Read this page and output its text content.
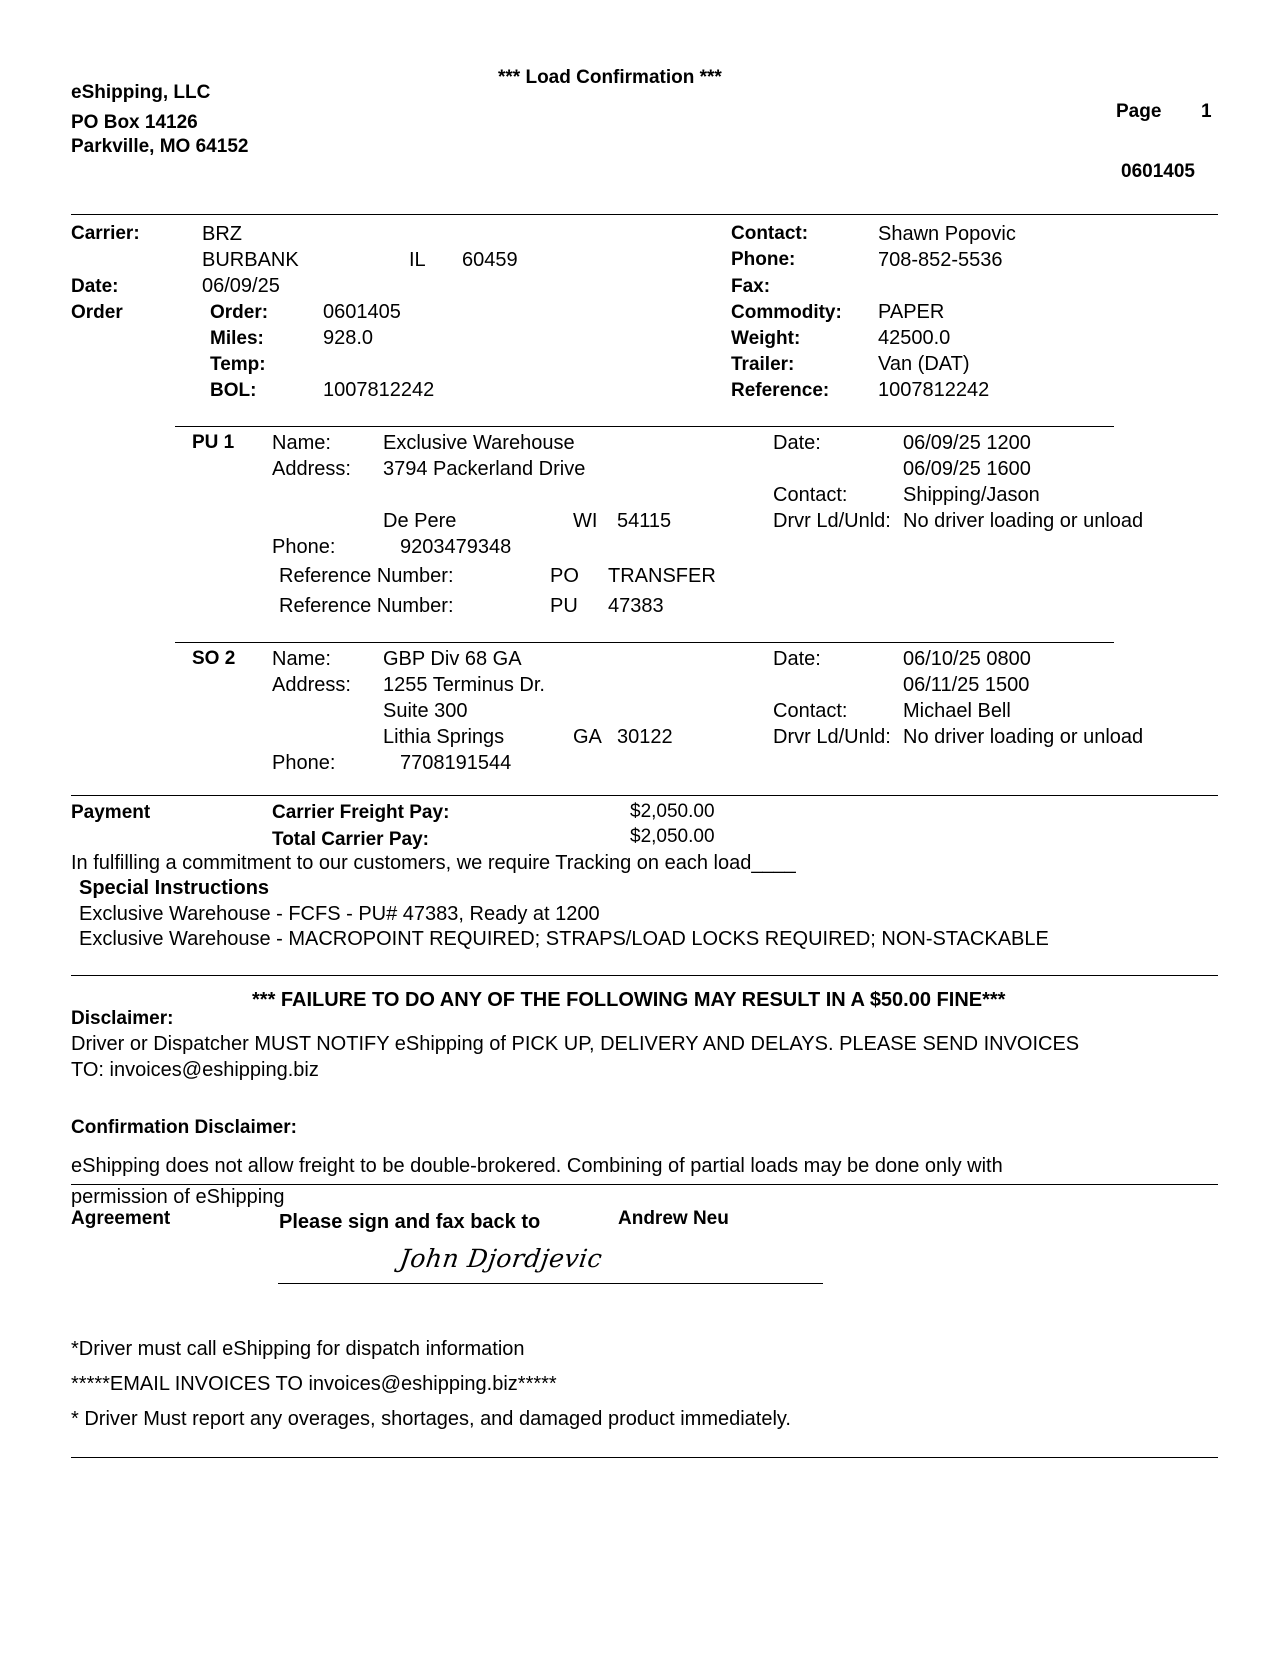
*** Load Confirmation ***
eShipping, LLC
PO Box 14126
Parkville, MO 64152
Page 1
0601405
Carrier:	BRZ
BURBANK	IL 60459
Date:	06/09/25
Order	Order:	0601405
Miles:	928.0
Temp:
BOL:	1007812242
Contact:	Shawn Popovic
Phone:	708-852-5536
Fax:
Commodity: PAPER
Weight:	42500.0
Trailer:	Van (DAT)
Reference: 1007812242
PU 1 Name:	Exclusive Warehouse
Address: 3794 Packerland Drive
De Pere	WI 54115
Phone:	9203479348
Reference Number:	PO TRANSFER
Reference Number:	PU 47383
Date:	06/09/25 1200
06/09/25 1600
Contact:	Shipping/Jason
Drvr Ld/Unld: No driver loading or unload
SO 2 Name:	GBP Div 68 GA
Address: 1255 Terminus Dr.
Suite 300
Lithia Springs	GA 30122
Phone:	7708191544
Date:	06/10/25 0800
06/11/25 1500
Contact:	Michael Bell
Drvr Ld/Unld: No driver loading or unload
Payment	Carrier Freight Pay:	$2,050.00
Total Carrier Pay:	$2,050.00
In fulfilling a commitment to our customers, we require Tracking on each load____
Special Instructions
Exclusive Warehouse - FCFS - PU# 47383, Ready at 1200
Exclusive Warehouse - MACROPOINT REQUIRED; STRAPS/LOAD LOCKS REQUIRED; NON-STACKABLE
*** FAILURE TO DO ANY OF THE FOLLOWING MAY RESULT IN A $50.00 FINE***
Disclaimer:
Driver or Dispatcher MUST NOTIFY eShipping of PICK UP, DELIVERY AND DELAYS. PLEASE SEND INVOICES
TO: invoices@eshipping.biz
Confirmation Disclaimer:
eShipping does not allow freight to be double-brokered. Combining of partial loads may be done only with
permission of eShipping
Agreement	Please sign and fax back to	Andrew Neu
John Djordjevic
*Driver must call eShipping for dispatch information
*****EMAIL INVOICES TO invoices@eshipping.biz*****
* Driver Must report any overages, shortages, and damaged product immediately.
